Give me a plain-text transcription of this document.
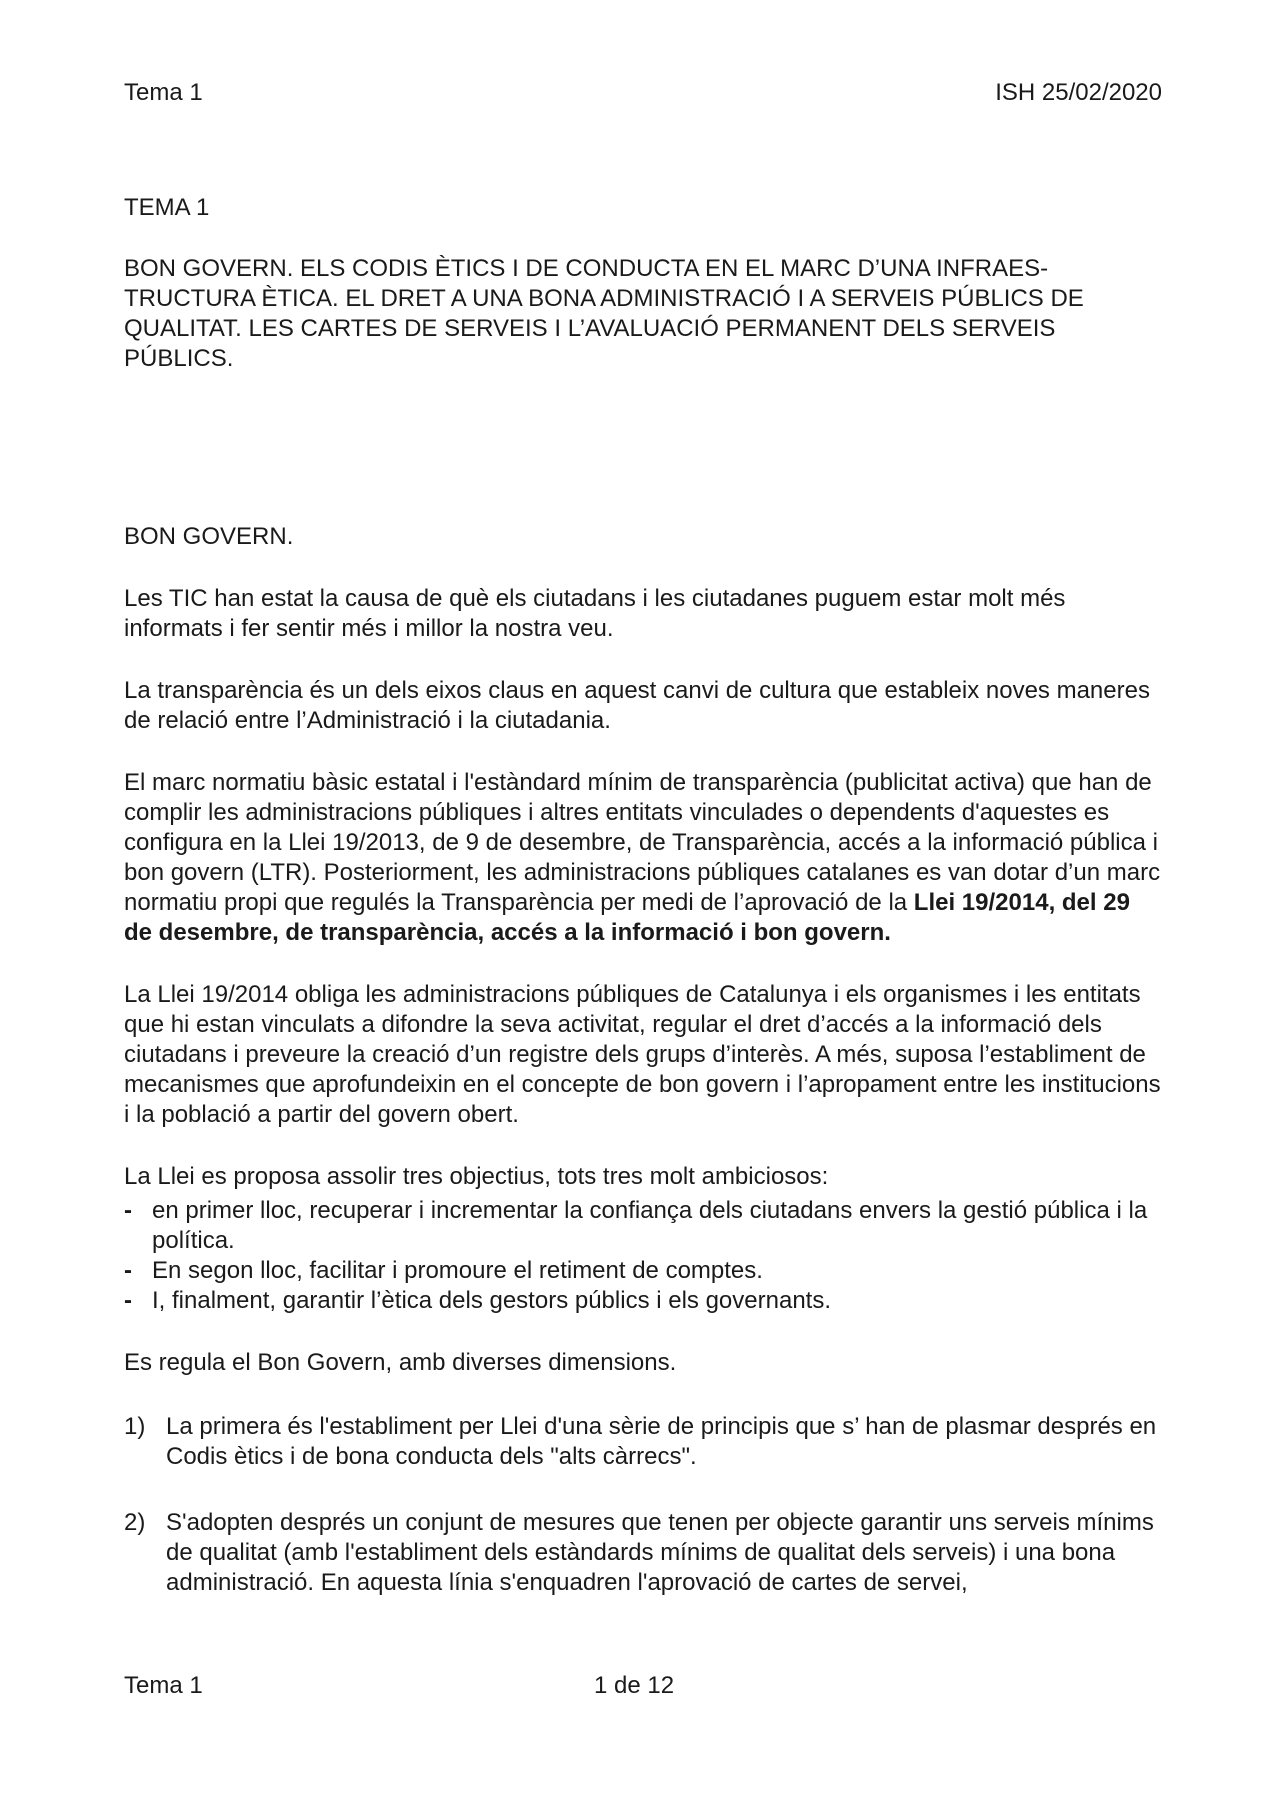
Tema 1	ISH 25/02/2020

TEMA 1

BON GOVERN. ELS CODIS ÈTICS I DE CONDUCTA EN EL MARC D’UNA INFRAES-TRUCTURA ÈTICA. EL DRET A UNA BONA ADMINISTRACIÓ I A SERVEIS PÚBLICS DE QUALITAT. LES CARTES DE SERVEIS I L’AVALUACIÓ PERMANENT DELS SERVEIS PÚBLICS.

BON GOVERN.

Les TIC han estat la causa de què els ciutadans i les ciutadanes puguem estar molt més informats i fer sentir més i millor la nostra veu.

La transparència és un dels eixos claus en aquest canvi de cultura que estableix noves maneres de relació entre l’Administració i la ciutadania.

El marc normatiu bàsic estatal i l'estàndard mínim de transparència (publicitat activa) que han de complir les administracions públiques i altres entitats vinculades o dependents d'aquestes es configura en la Llei 19/2013, de 9 de desembre, de Transparència, accés a la informació pública i bon govern (LTR). Posteriorment, les administracions públiques catalanes es van dotar d’un marc normatiu propi que regulés la Transparència per medi de l’aprovació de la Llei 19/2014, del 29 de desembre, de transparència, accés a la informació i bon govern.

La Llei 19/2014 obliga les administracions públiques de Catalunya i els organismes i les entitats que hi estan vinculats a difondre la seva activitat, regular el dret d’accés a la informació dels ciutadans i preveure la creació d’un registre dels grups d’interès. A més, suposa l’establiment de mecanismes que aprofundeixin en el concepte de bon govern i l’apropament entre les institucions i la població a partir del govern obert.

La Llei es proposa assolir tres objectius, tots tres molt ambiciosos:

- en primer lloc, recuperar i incrementar la confiança dels ciutadans envers la gestió pública i la política.
- En segon lloc, facilitar i promoure el retiment de comptes.
- I, finalment, garantir l’ètica dels gestors públics i els governants.

Es regula el Bon Govern, amb diverses dimensions.

1) La primera és l'establiment per Llei d'una sèrie de principis que s’ han de plasmar després en Codis ètics i de bona conducta dels "alts càrrecs".
2) S'adopten després un conjunt de mesures que tenen per objecte garantir uns serveis mínims de qualitat (amb l'establiment dels estàndards mínims de qualitat dels serveis) i una bona administració. En aquesta línia s'enquadren l'aprovació de cartes de servei,
Tema 1	1 de 12
